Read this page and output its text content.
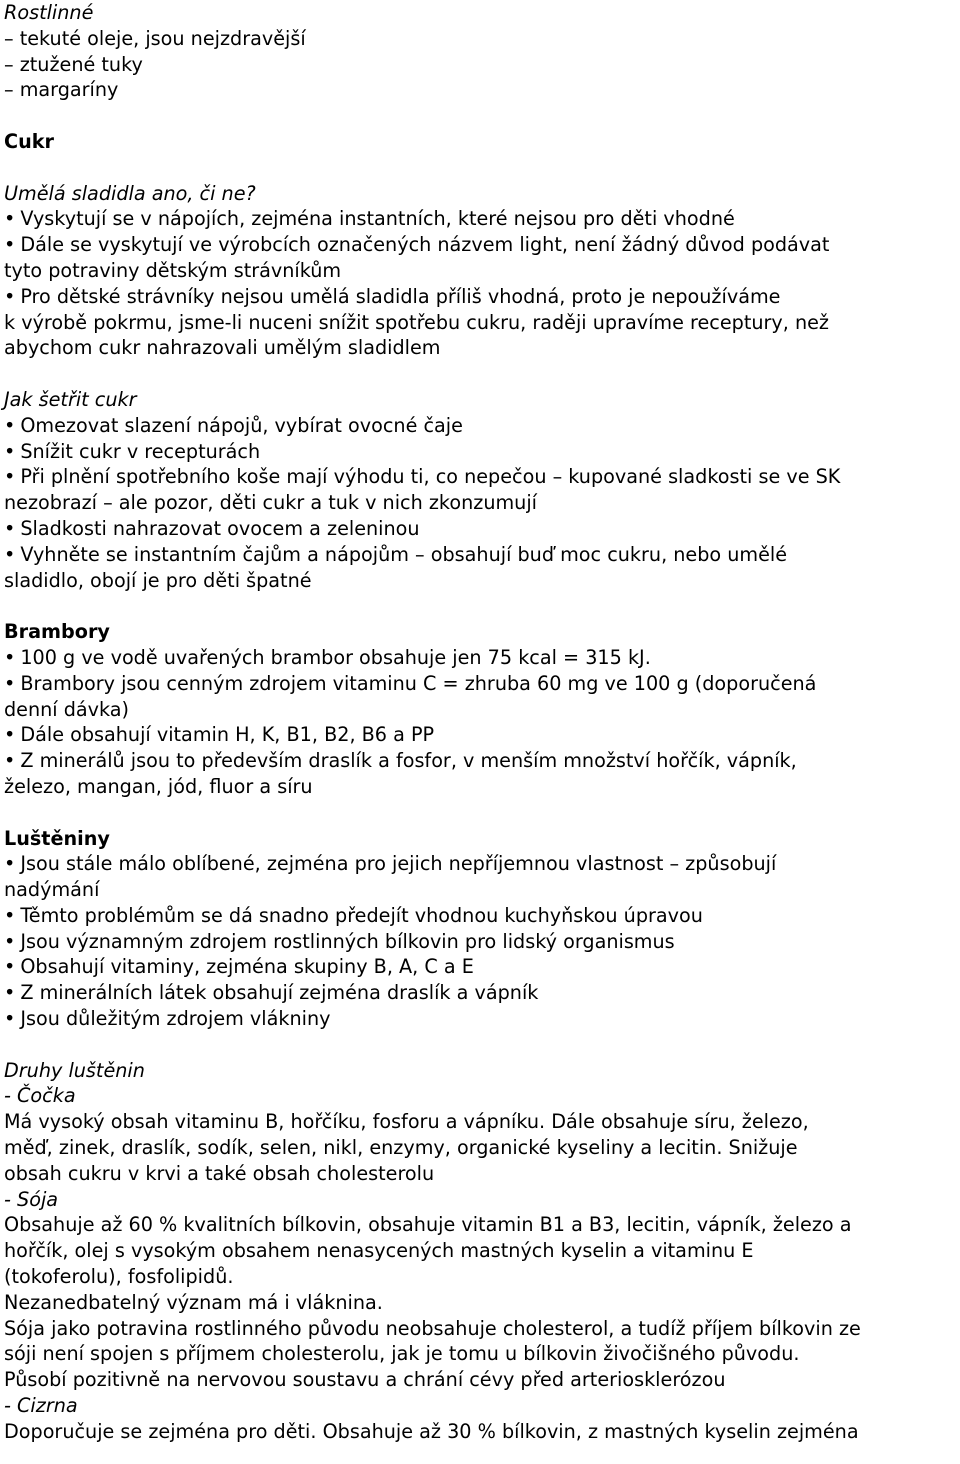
Rostlinné
– tekuté oleje, jsou nejzdravější
– ztužené tuky
– margaríny
Cukr
Umělá sladidla ano, či ne?
• Vyskytují se v nápojích, zejména instantních, které nejsou pro děti vhodné
• Dále se vyskytují ve výrobcích označených názvem light, není žádný důvod podávat
tyto potraviny dětským strávníkům
• Pro dětské strávníky nejsou umělá sladidla příliš vhodná, proto je nepoužíváme
k výrobě pokrmu, jsme-li nuceni snížit spotřebu cukru, raději upravíme receptury, než
abychom cukr nahrazovali umělým sladidlem
Jak šetřit cukr
• Omezovat slazení nápojů, vybírat ovocné čaje
• Snížit cukr v recepturách
• Při plnění spotřebního koše mají výhodu ti, co nepečou – kupované sladkosti se ve SK
nezobrazí – ale pozor, děti cukr a tuk v nich zkonzumují
• Sladkosti nahrazovat ovocem a zeleninou
• Vyhněte se instantním čajům a nápojům – obsahují buď moc cukru, nebo umělé
sladidlo, obojí je pro děti špatné
Brambory
• 100 g ve vodě uvařených brambor obsahuje jen 75 kcal = 315 kJ.
• Brambory jsou cenným zdrojem vitaminu C = zhruba 60 mg ve 100 g (doporučená
denní dávka)
• Dále obsahují vitamin H, K, B1, B2, B6 a PP
• Z minerálů jsou to především draslík a fosfor, v menším množství hořčík, vápník,
železo, mangan, jód, fluor a síru
Luštěniny
• Jsou stále málo oblíbené, zejména pro jejich nepříjemnou vlastnost – způsobují
nadýmání
• Těmto problémům se dá snadno předejít vhodnou kuchyňskou úpravou
• Jsou významným zdrojem rostlinných bílkovin pro lidský organismus
• Obsahují vitaminy, zejména skupiny B, A, C a E
• Z minerálních látek obsahují zejména draslík a vápník
• Jsou důležitým zdrojem vlákniny
Druhy luštěnin
- Čočka
Má vysoký obsah vitaminu B, hořčíku, fosforu a vápníku. Dále obsahuje síru, železo,
měď, zinek, draslík, sodík, selen, nikl, enzymy, organické kyseliny a lecitin. Snižuje
obsah cukru v krvi a také obsah cholesterolu
- Sója
Obsahuje až 60 % kvalitních bílkovin, obsahuje vitamin B1 a B3, lecitin, vápník, železo a
hořčík, olej s vysokým obsahem nenasycených mastných kyselin a vitaminu E
(tokoferolu), fosfolipidů.
Nezanedbatelný význam má i vláknina.
Sója jako potravina rostlinného původu neobsahuje cholesterol, a tudíž příjem bílkovin ze
sóji není spojen s příjmem cholesterolu, jak je tomu u bílkovin živočišného původu.
Působí pozitivně na nervovou soustavu a chrání cévy před arteriosklerózou
- Cizrna
Doporučuje se zejména pro děti. Obsahuje až 30 % bílkovin, z mastných kyselin zejména
